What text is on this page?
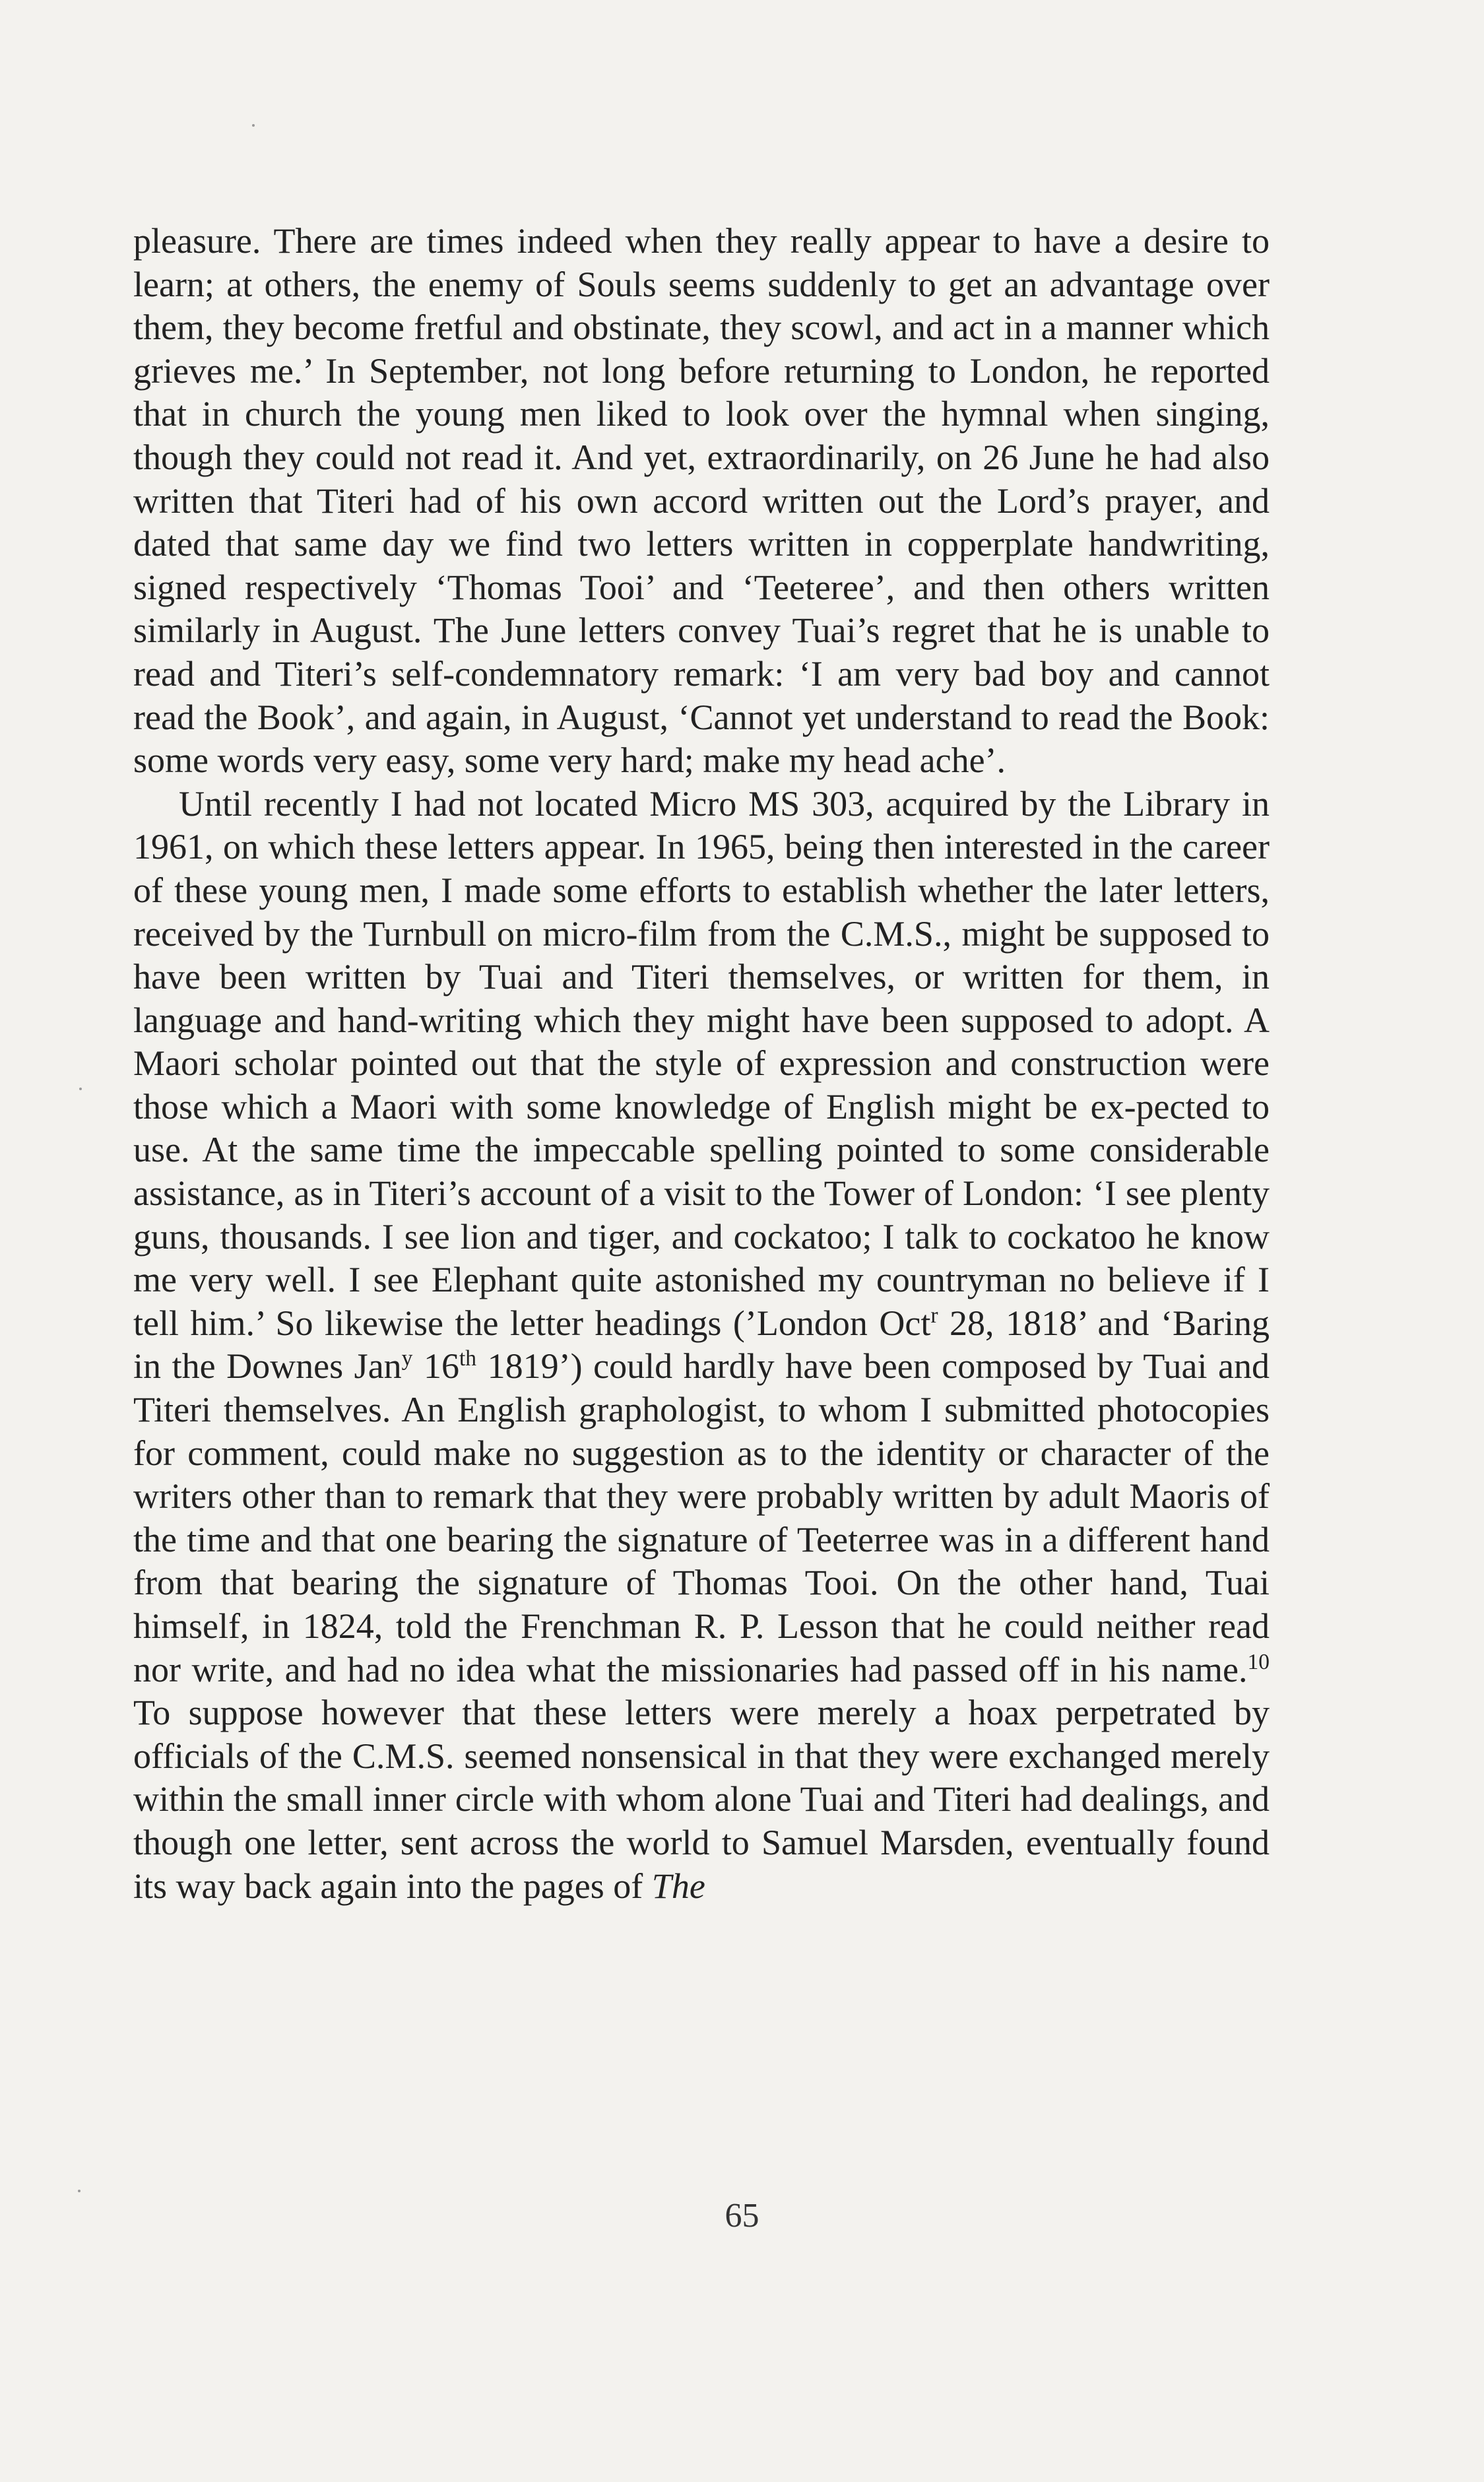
pleasure. There are times indeed when they really appear to have a desire to learn; at others, the enemy of Souls seems suddenly to get an advantage over them, they become fretful and obstinate, they scowl, and act in a manner which grieves me.’ In September, not long before returning to London, he reported that in church the young men liked to look over the hymnal when singing, though they could not read it. And yet, extraordinarily, on 26 June he had also written that Titeri had of his own accord written out the Lord’s prayer, and dated that same day we find two letters written in copperplate handwriting, signed respectively ‘Thomas Tooi’ and ‘Teeteree’, and then others written similarly in August. The June letters convey Tuai’s regret that he is unable to read and Titeri’s self-condemnatory remark: ‘I am very bad boy and cannot read the Book’, and again, in August, ‘Cannot yet understand to read the Book: some words very easy, some very hard; make my head ache’.

Until recently I had not located Micro MS 303, acquired by the Library in 1961, on which these letters appear. In 1965, being then interested in the career of these young men, I made some efforts to establish whether the later letters, received by the Turnbull on micro-film from the C.M.S., might be supposed to have been written by Tuai and Titeri themselves, or written for them, in language and hand-writing which they might have been supposed to adopt. A Maori scholar pointed out that the style of expression and construction were those which a Maori with some knowledge of English might be ex-pected to use. At the same time the impeccable spelling pointed to some considerable assistance, as in Titeri’s account of a visit to the Tower of London: ‘I see plenty guns, thousands. I see lion and tiger, and cockatoo; I talk to cockatoo he know me very well. I see Elephant quite astonished my countryman no believe if I tell him.’ So likewise the letter headings (’London Oct$^r$ 28, 1818’ and ‘Baring in the Downes Jan$^y$ 16th 1819’) could hardly have been composed by Tuai and Titeri themselves. An English graphologist, to whom I submitted photocopies for comment, could make no suggestion as to the identity or character of the writers other than to remark that they were probably written by adult Maoris of the time and that one bearing the signature of Teeterree was in a different hand from that bearing the signature of Thomas Tooi. On the other hand, Tuai himself, in 1824, told the Frenchman R. P. Lesson that he could neither read nor write, and had no idea what the missionaries had passed off in his name.$^{10}$ To suppose however that these letters were merely a hoax perpetrated by officials of the C.M.S. seemed nonsensical in that they were exchanged merely within the small inner circle with whom alone Tuai and Titeri had dealings, and though one letter, sent across the world to Samuel Marsden, eventually found its way back again into the pages of The

65
